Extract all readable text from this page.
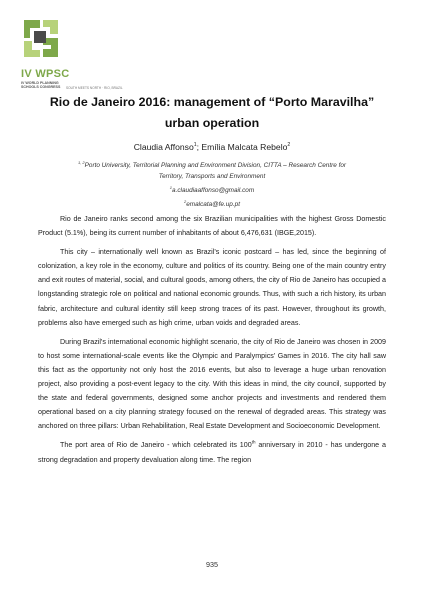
IV WPSC
IV WORLD PLANNING
SCHOOLS CONGRESS SOUTH MEETS NORTH · RIO, BRAZIL
Rio de Janeiro 2016: management of “Porto Maravilha”
urban operation
Claudia Affonso$^1$; Emília Malcata Rebelo$^2$
$^{1, 2}$Porto University, Territorial Planning and Environment Division, CITTA – Research Centre for
Territory, Transports and Environment
$^1$a.claudiaaffonso@gmail.com
$^2$emalcata@fe.up.pt

Rio de Janeiro ranks second among the six Brazilian municipalities with the highest Gross Domestic Product (5.1%), being its current number of inhabitants of about 6,476,631 (IBGE,2015).

This city – internationally well known as Brazil’s iconic postcard – has led, since the beginning of colonization, a key role in the economy, culture and politics of its country. Being one of the main country entry and exit routes of material, social, and cultural goods, among others, the city of Rio de Janeiro has occupied a longstanding strategic role on political and national economic grounds. Thus, with such a rich history, its urban fabric, architecture and cultural identity still keep strong traces of its past. However, throughout its growth, problems also have emerged such as high crime, urban voids and degraded areas.

During Brazil's international economic highlight scenario, the city of Rio de Janeiro was chosen in 2009 to host some international-scale events like the Olympic and Paralympics’ Games in 2016. The city hall saw this fact as the opportunity not only host the 2016 events, but also to leverage a huge urban renovation project, also providing a post-event legacy to the city. With this ideas in mind, the city council, supported by the state and federal governments, designed some anchor projects and investments and rendered them operational based on a city planning strategy focused on the renewal of degraded areas. This strategy was anchored on three pillars: Urban Rehabilitation, Real Estate Development and Socioeconomic Development.

The port area of Rio de Janeiro - which celebrated its 100th anniversary in 2010 - has undergone a strong degradation and property devaluation along time. The region

935
